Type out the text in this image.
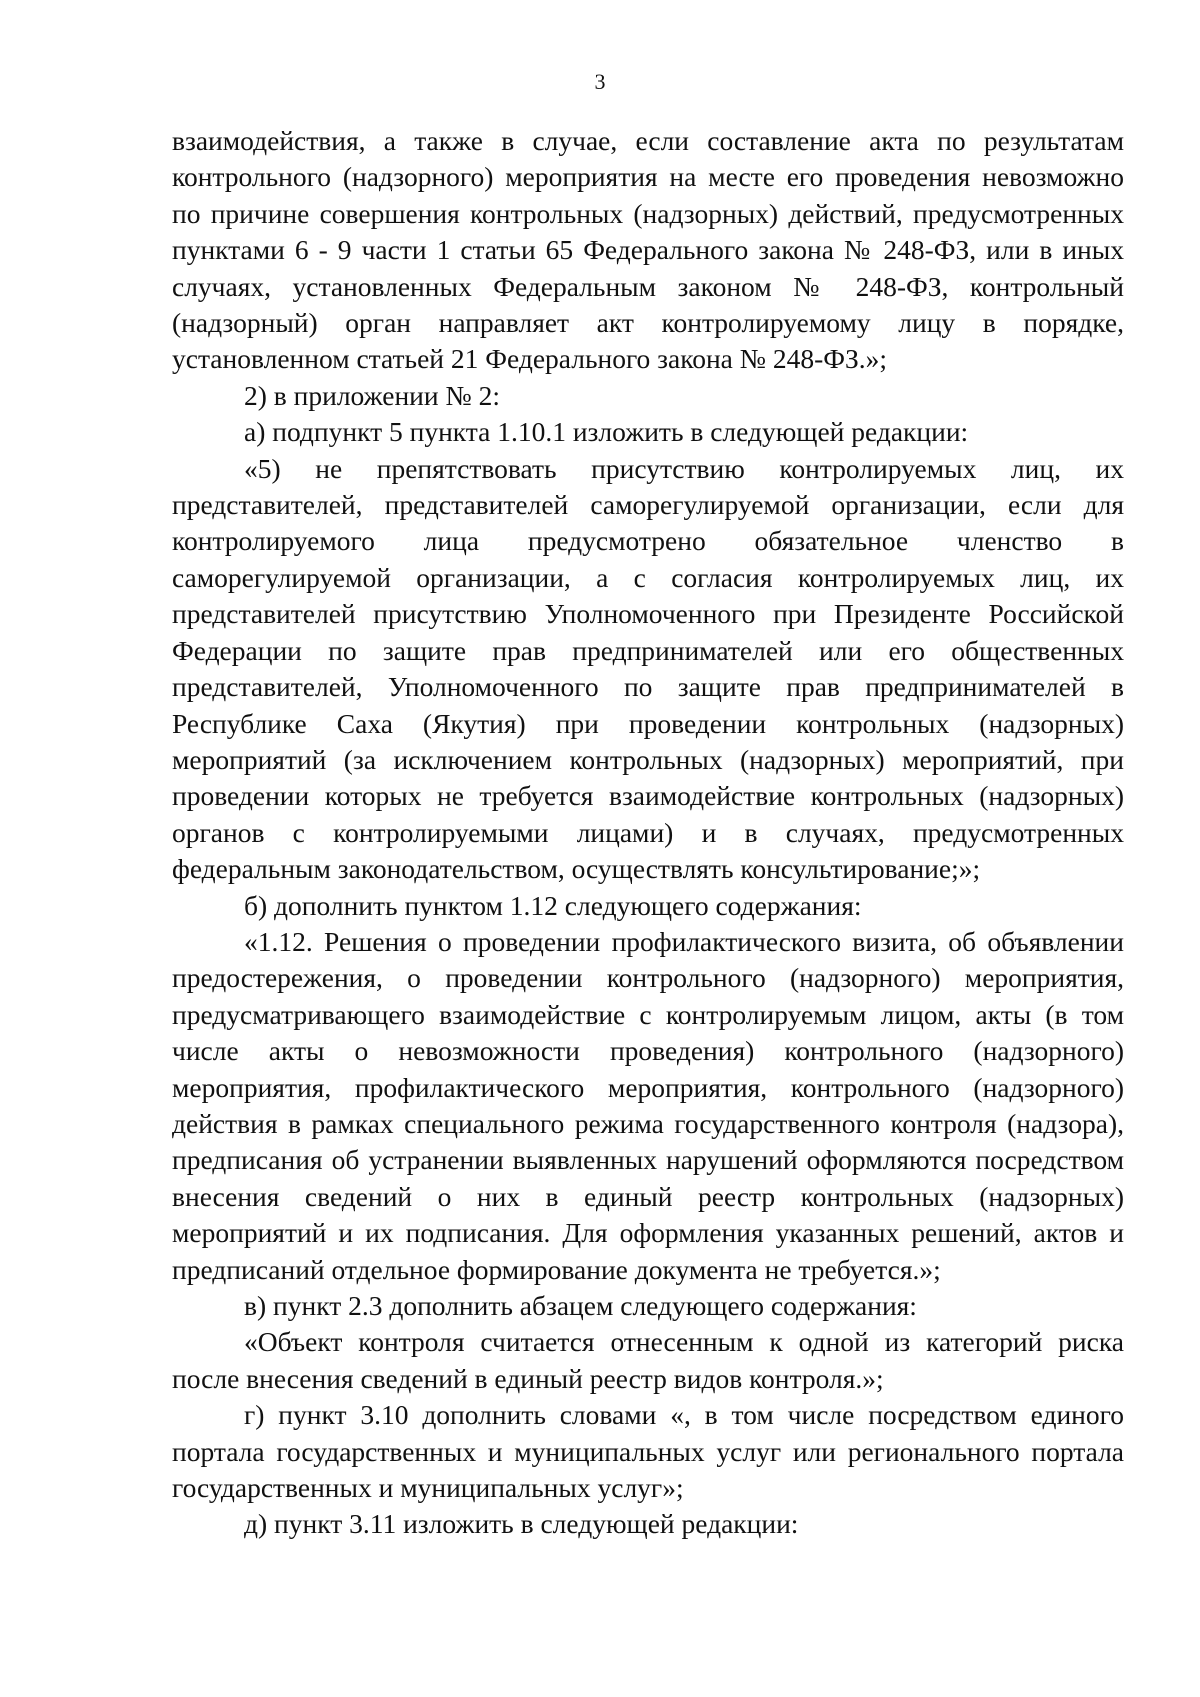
3

взаимодействия, а также в случае, если составление акта по результатам контрольного (надзорного) мероприятия на месте его проведения невозможно по причине совершения контрольных (надзорных) действий, предусмотренных пунктами 6 - 9 части 1 статьи 65 Федерального закона № 248-ФЗ, или в иных случаях, установленных Федеральным законом № 248-ФЗ, контрольный (надзорный) орган направляет акт контролируемому лицу в порядке, установленном статьей 21 Федерального закона № 248-ФЗ.»;

2) в приложении № 2:

а) подпункт 5 пункта 1.10.1 изложить в следующей редакции:

«5) не препятствовать присутствию контролируемых лиц, их представителей, представителей саморегулируемой организации, если для контролируемого лица предусмотрено обязательное членство в саморегулируемой организации, а с согласия контролируемых лиц, их представителей присутствию Уполномоченного при Президенте Российской Федерации по защите прав предпринимателей или его общественных представителей, Уполномоченного по защите прав предпринимателей в Республике Саха (Якутия) при проведении контрольных (надзорных) мероприятий (за исключением контрольных (надзорных) мероприятий, при проведении которых не требуется взаимодействие контрольных (надзорных) органов с контролируемыми лицами) и в случаях, предусмотренных федеральным законодательством, осуществлять консультирование;»;

б) дополнить пунктом 1.12 следующего содержания:

«1.12. Решения о проведении профилактического визита, об объявлении предостережения, о проведении контрольного (надзорного) мероприятия, предусматривающего взаимодействие с контролируемым лицом, акты (в том числе акты о невозможности проведения) контрольного (надзорного) мероприятия, профилактического мероприятия, контрольного (надзорного) действия в рамках специального режима государственного контроля (надзора), предписания об устранении выявленных нарушений оформляются посредством внесения сведений о них в единый реестр контрольных (надзорных) мероприятий и их подписания. Для оформления указанных решений, актов и предписаний отдельное формирование документа не требуется.»;

в) пункт 2.3 дополнить абзацем следующего содержания:

«Объект контроля считается отнесенным к одной из категорий риска после внесения сведений в единый реестр видов контроля.»;

г) пункт 3.10 дополнить словами «, в том числе посредством единого портала государственных и муниципальных услуг или регионального портала государственных и муниципальных услуг»;

д) пункт 3.11 изложить в следующей редакции:
